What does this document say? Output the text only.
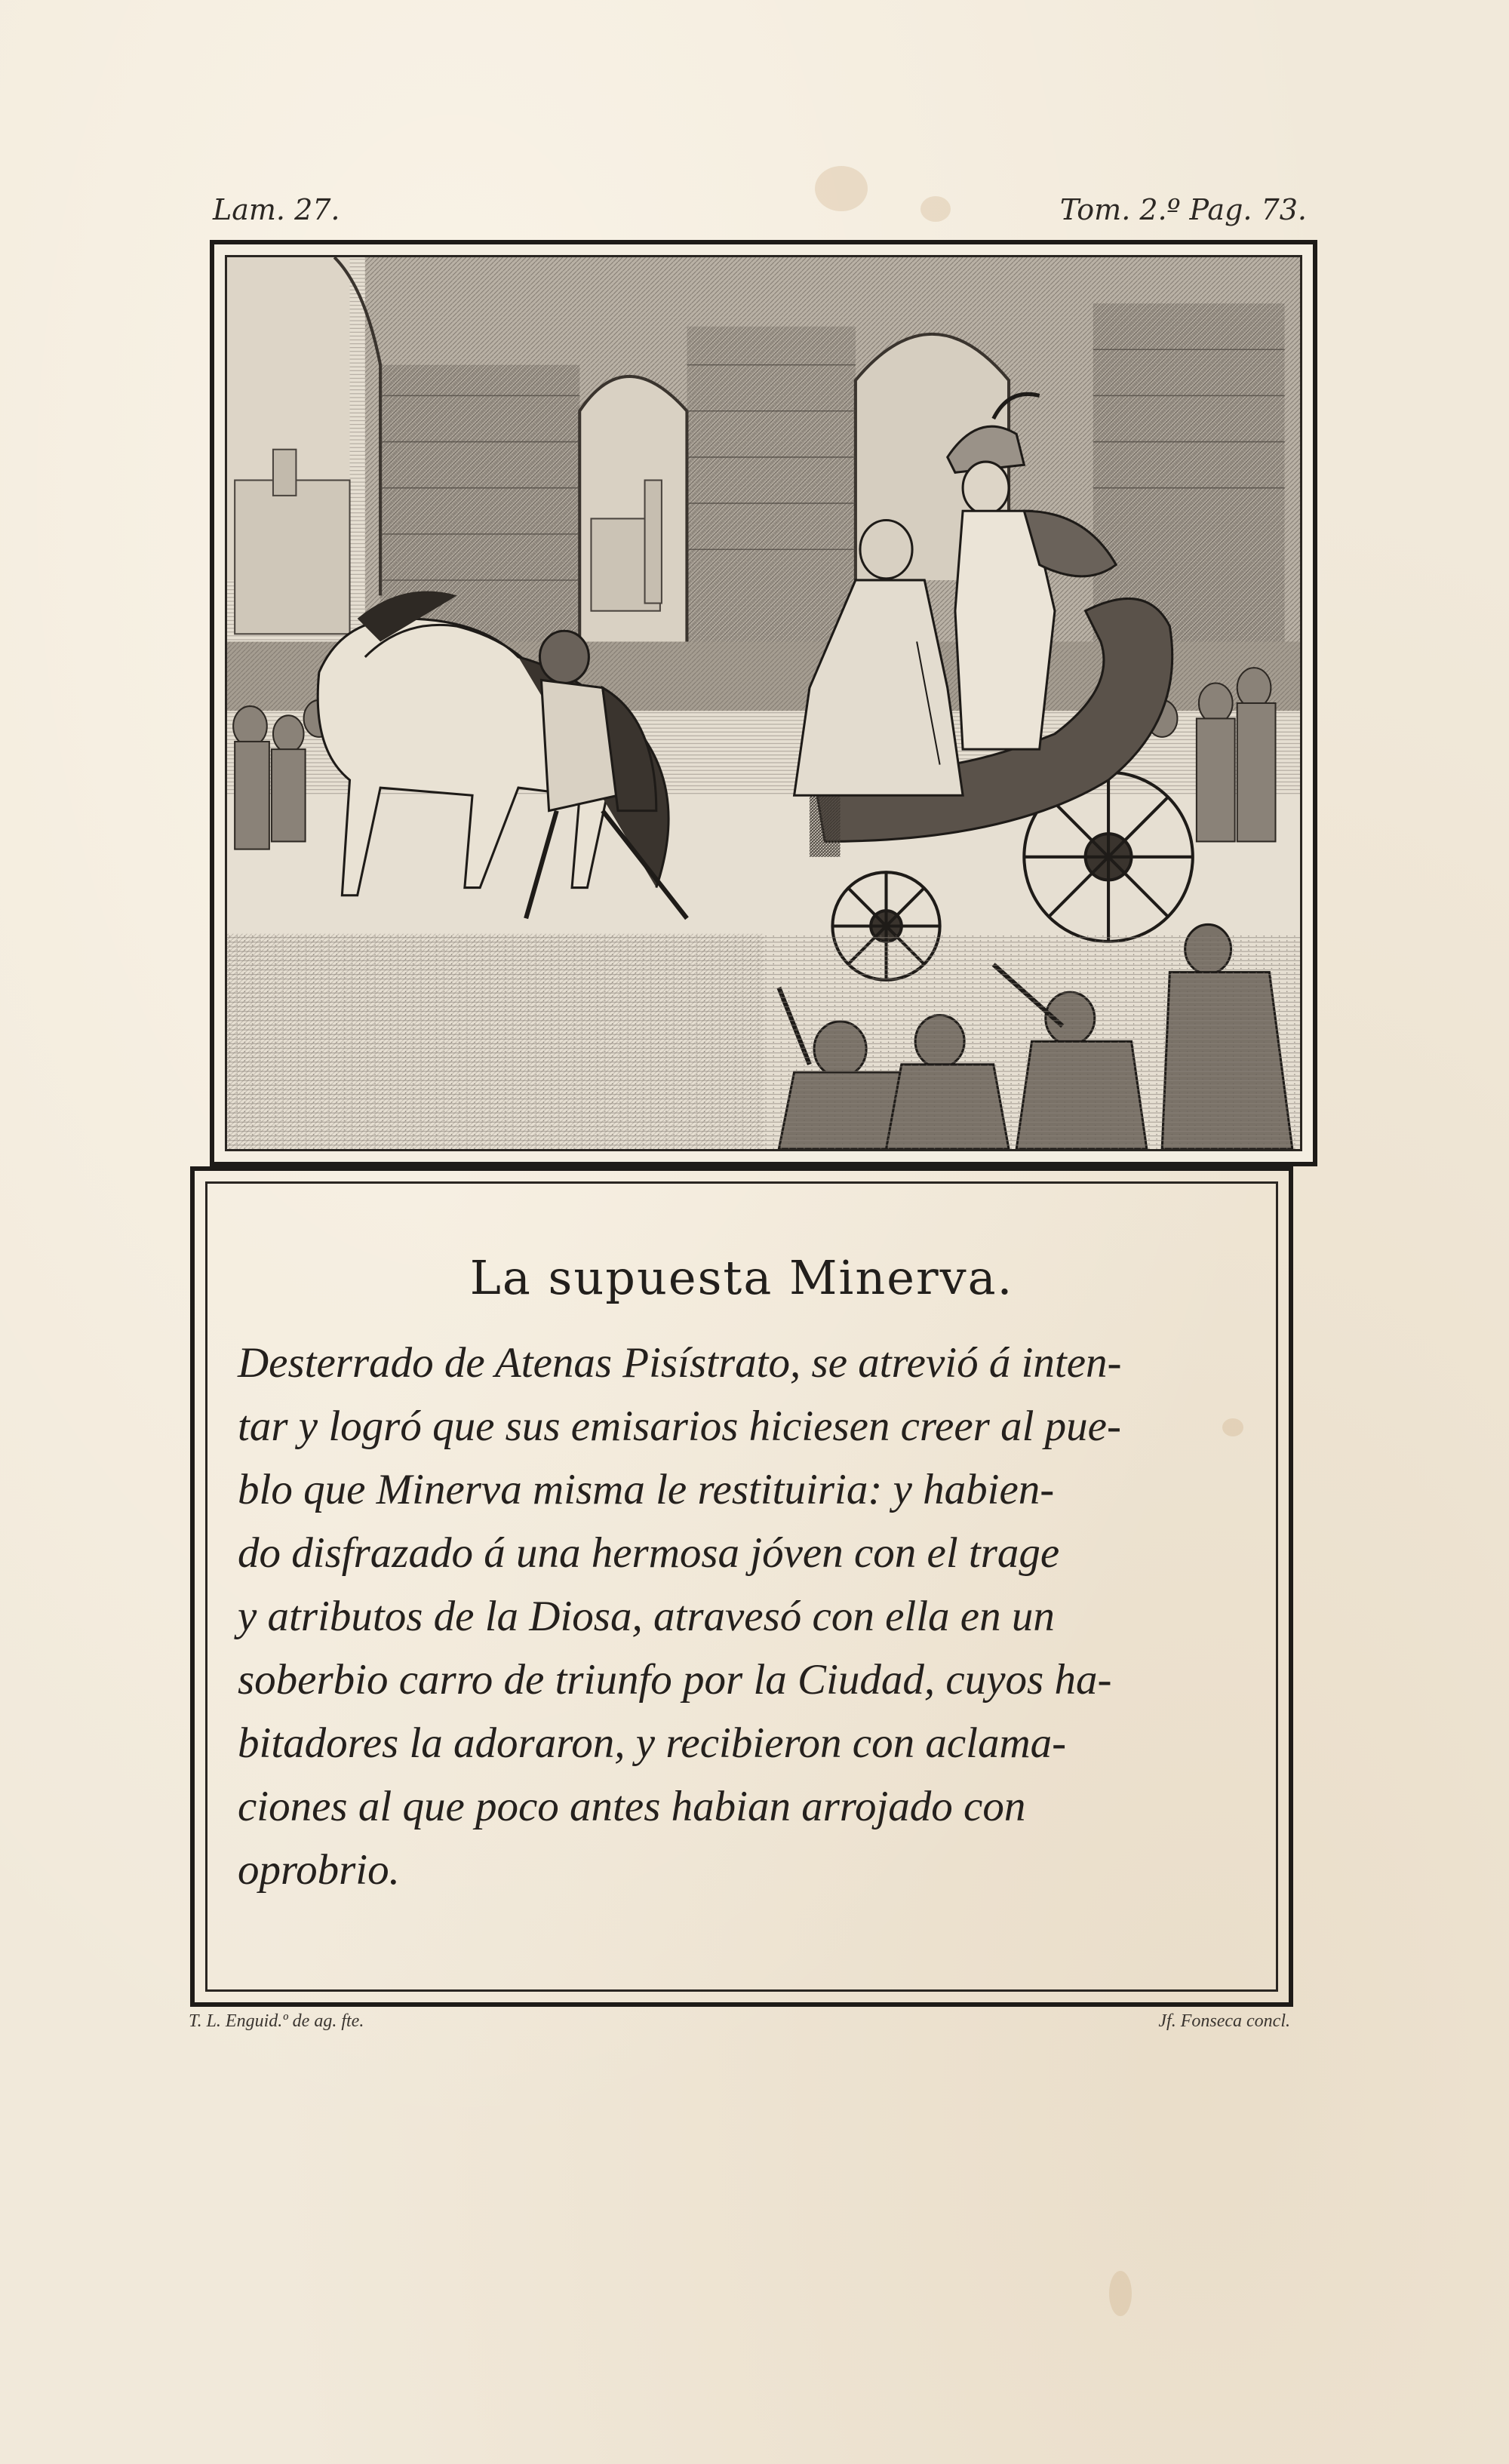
Lam. 27.	Tom. 2.º Pag. 73.
La supuesta Minerva.
Desterrado de Atenas Pisístrato, se atrevió á inten-
tar y logró que sus emisarios hiciesen creer al pue-
blo que Minerva misma le restituiria: y habien-
do disfrazado á una hermosa jóven con el trage
y atributos de la Diosa, atravesó con ella en un
soberbio carro de triunfo por la Ciudad, cuyos ha-
bitadores la adoraron, y recibieron con aclama-
ciones al que poco antes habian arrojado con
oprobrio.
T. L. Enguid.º de ag. fte.	Jf. Fonseca concl.
